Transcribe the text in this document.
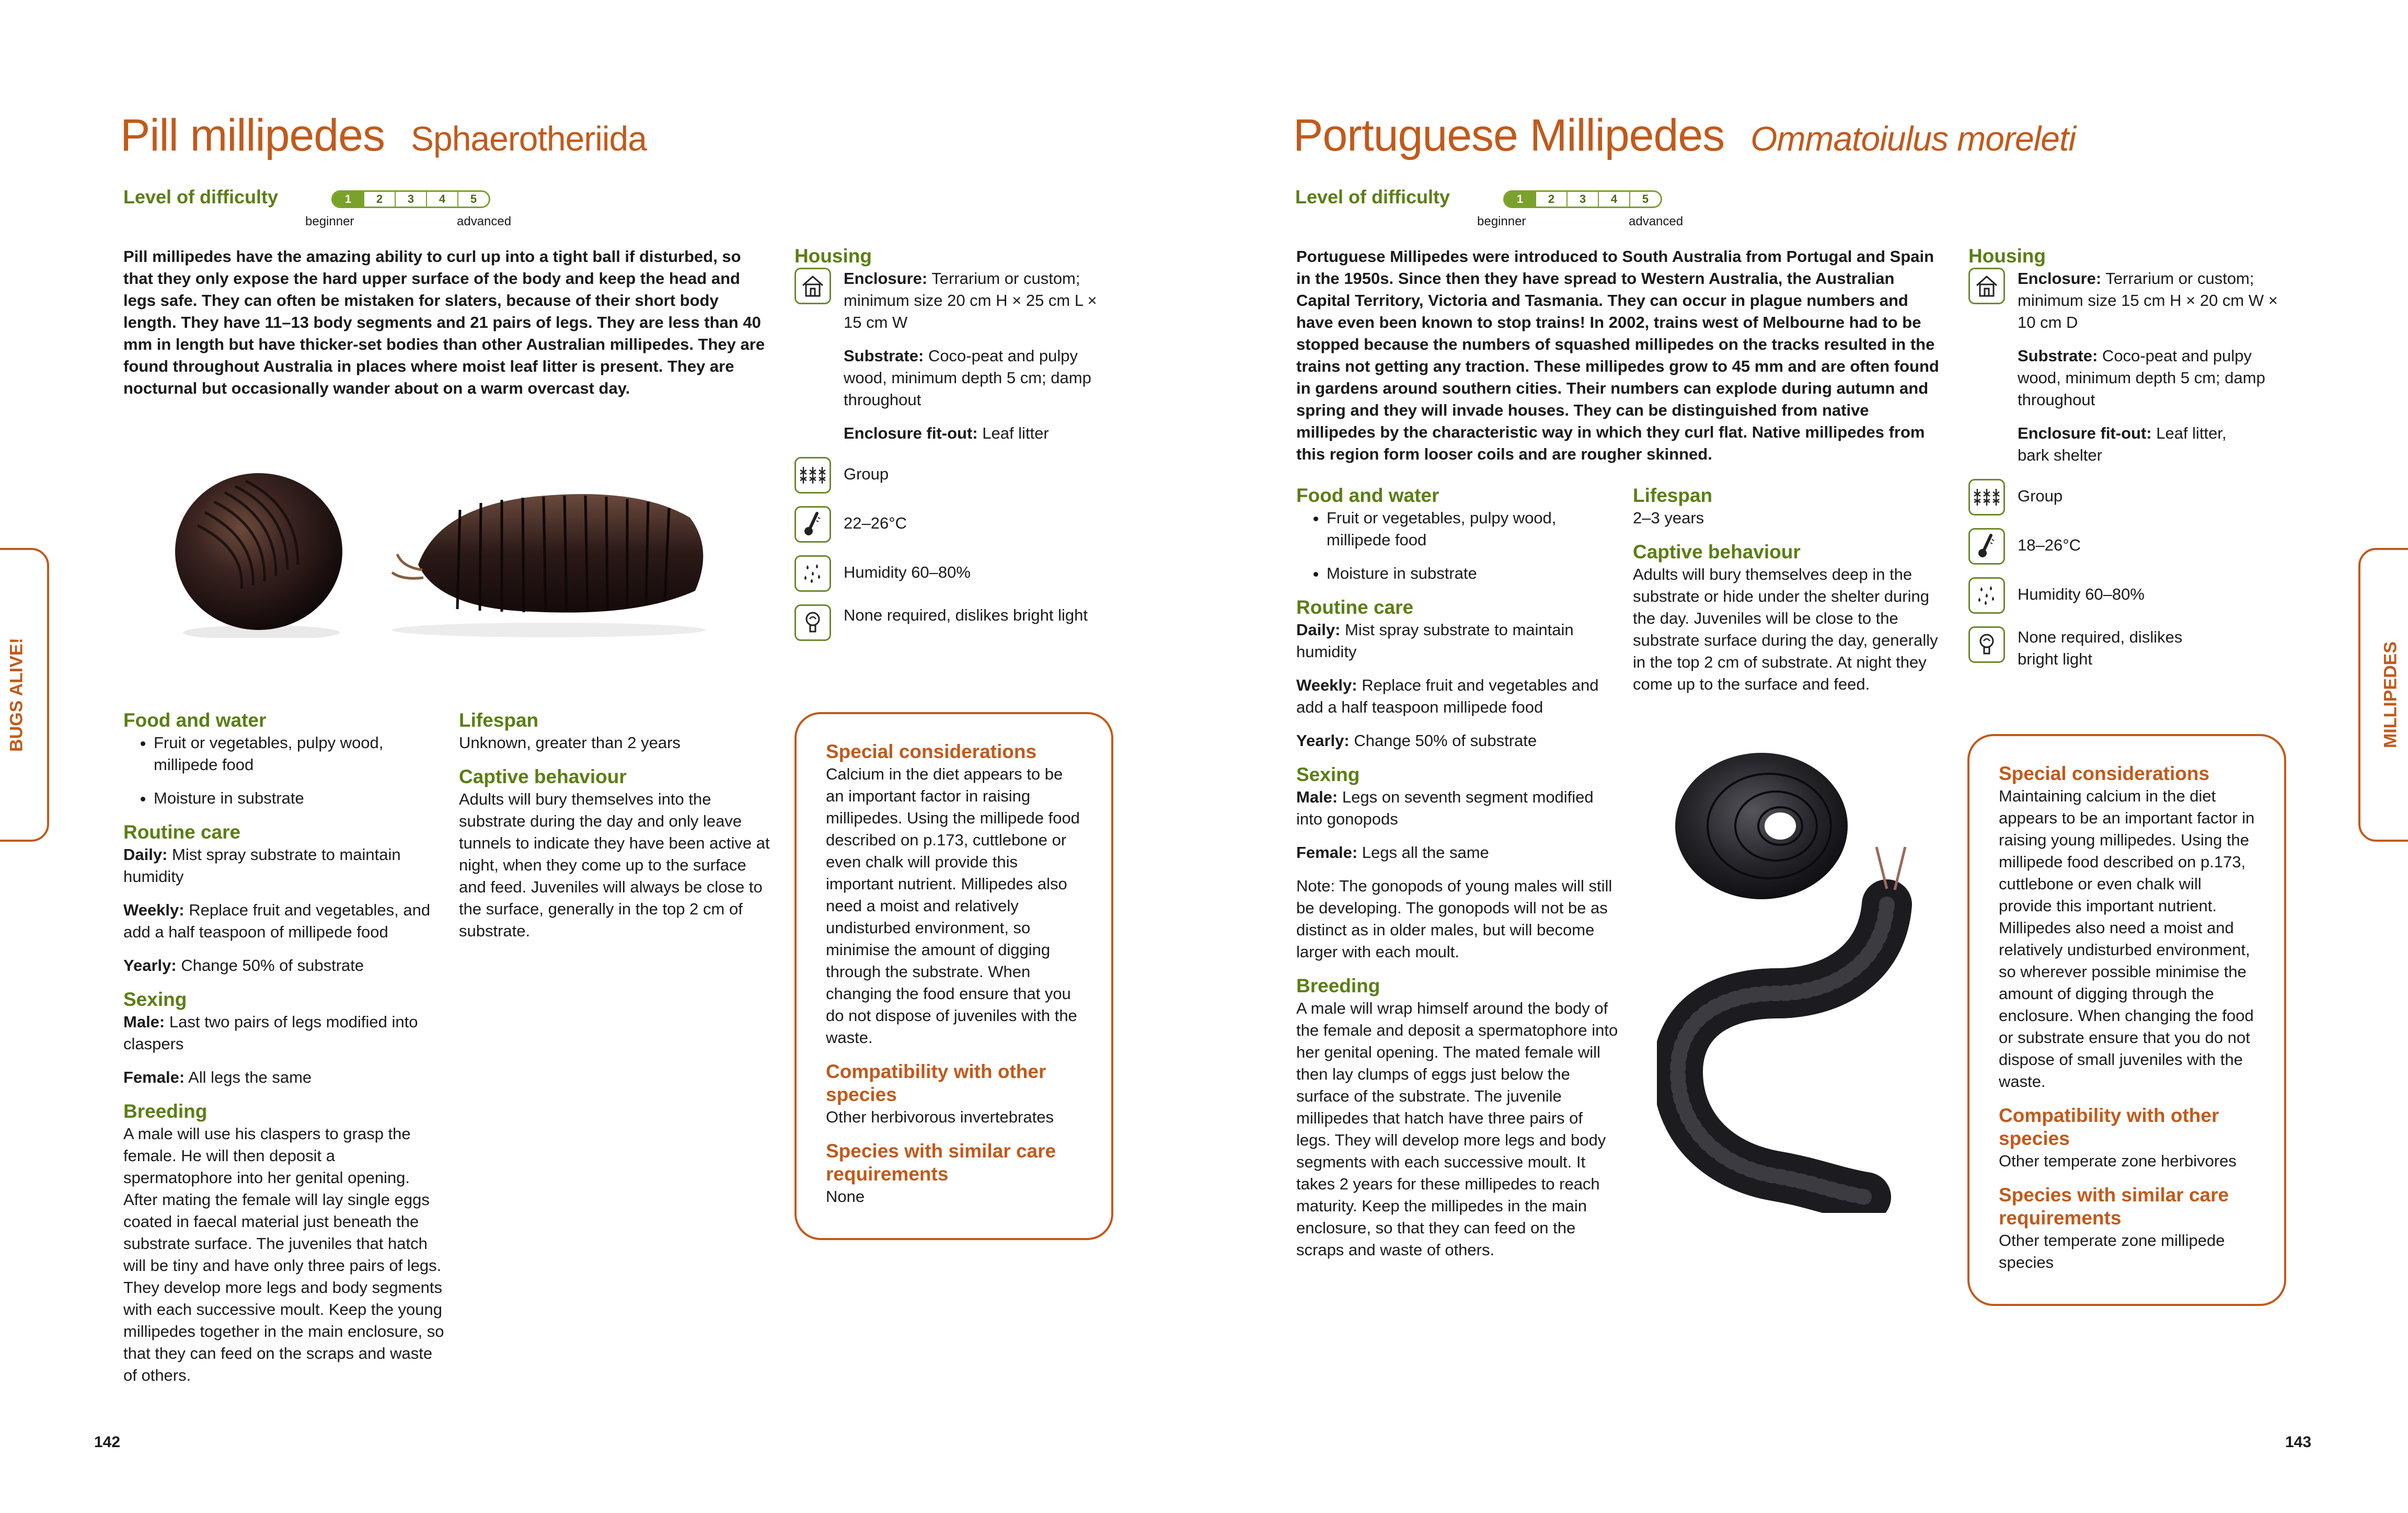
Pill millipedes Sphaerotheriida
Level of difficulty	1	2	3	4	5
beginner	advanced
Pill millipedes have the amazing ability to curl up into a tight ball if disturbed, so that they only expose the hard upper surface of the body and keep the head and legs safe. They can often be mistaken for slaters, because of their short body length. They have 11–13 body segments and 21 pairs of legs. They are less than 40 mm in length but have thicker-set bodies than other Australian millipedes. They are found throughout Australia in places where moist leaf litter is present. They are nocturnal but occasionally wander about on a warm overcast day.
Food and water
• Fruit or vegetables, pulpy wood, millipede food
• Moisture in substrate
Routine care

Daily: Mist spray substrate to maintain humidity

Weekly: Replace fruit and vegetables, and add a half teaspoon of millipede food

Yearly: Change 50% of substrate

Sexing

Male: Last two pairs of legs modified into claspers

Female: All legs the same

Breeding

A male will use his claspers to grasp the female. He will then deposit a spermatophore into her genital opening. After mating the female will lay single eggs coated in faecal material just beneath the substrate surface. The juveniles that hatch will be tiny and have only three pairs of legs. They develop more legs and body segments with each successive moult. Keep the young millipedes together in the main enclosure, so that they can feed on the scraps and waste of others.

Lifespan

Unknown, greater than 2 years

Captive behaviour

Adults will bury themselves into the substrate during the day and only leave tunnels to indicate they have been active at night, when they come up to the surface and feed. Juveniles will always be close to the surface, generally in the top 2 cm of substrate.

Housing

Enclosure: Terrarium or custom; minimum size 20 cm H × 25 cm L × 15 cm W

Substrate: Coco-peat and pulpy wood, minimum depth 5 cm; damp throughout

Enclosure fit-out: Leaf litter

Group
22–26°C
Humidity 60–80%
None required, dislikes bright light
Special considerations

Calcium in the diet appears to be an important factor in raising millipedes. Using the millipede food described on p.173, cuttlebone or even chalk will provide this important nutrient. Millipedes also need a moist and relatively undisturbed environment, so minimise the amount of digging through the substrate. When changing the food ensure that you do not dispose of juveniles with the waste.

Compatibility with other species

Other herbivorous invertebrates

Species with similar care requirements

None

BUGS ALIVE!
142
Portuguese Millipedes Ommatoiulus moreleti
Level of difficulty	1	2	3	4	5
beginner	advanced
Portuguese Millipedes were introduced to South Australia from Portugal and Spain in the 1950s. Since then they have spread to Western Australia, the Australian Capital Territory, Victoria and Tasmania. They can occur in plague numbers and have even been known to stop trains! In 2002, trains west of Melbourne had to be stopped because the numbers of squashed millipedes on the tracks resulted in the trains not getting any traction. These millipedes grow to 45 mm and are often found in gardens around southern cities. Their numbers can explode during autumn and spring and they will invade houses. They can be distinguished from native millipedes by the characteristic way in which they curl flat. Native millipedes from this region form looser coils and are rougher skinned.
Food and water
• Fruit or vegetables, pulpy wood, millipede food
• Moisture in substrate
Routine care

Daily: Mist spray substrate to maintain humidity

Weekly: Replace fruit and vegetables and add a half teaspoon millipede food

Yearly: Change 50% of substrate

Sexing

Male: Legs on seventh segment modified into gonopods

Female: Legs all the same

Note: The gonopods of young males will still be developing. The gonopods will not be as distinct as in older males, but will become larger with each moult.

Breeding

A male will wrap himself around the body of the female and deposit a spermatophore into her genital opening. The mated female will then lay clumps of eggs just below the surface of the substrate. The juvenile millipedes that hatch have three pairs of legs. They will develop more legs and body segments with each successive moult. It takes 2 years for these millipedes to reach maturity. Keep the millipedes in the main enclosure, so that they can feed on the scraps and waste of others.

Lifespan

2–3 years

Captive behaviour

Adults will bury themselves deep in the substrate or hide under the shelter during the day. Juveniles will be close to the substrate surface during the day, generally in the top 2 cm of substrate. At night they come up to the surface and feed.

Housing

Enclosure: Terrarium or custom; minimum size 15 cm H × 20 cm W × 10 cm D

Substrate: Coco-peat and pulpy wood, minimum depth 5 cm; damp throughout

Enclosure fit-out: Leaf litter, bark shelter

Group
18–26°C
Humidity 60–80%
None required, dislikes bright light
Special considerations

Maintaining calcium in the diet appears to be an important factor in raising young millipedes. Using the millipede food described on p.173, cuttlebone or even chalk will provide this important nutrient. Millipedes also need a moist and relatively undisturbed environment, so wherever possible minimise the amount of digging through the enclosure. When changing the food or substrate ensure that you do not dispose of small juveniles with the waste.

Compatibility with other species

Other temperate zone herbivores

Species with similar care requirements

Other temperate zone millipede species

MILLIPEDES
143
